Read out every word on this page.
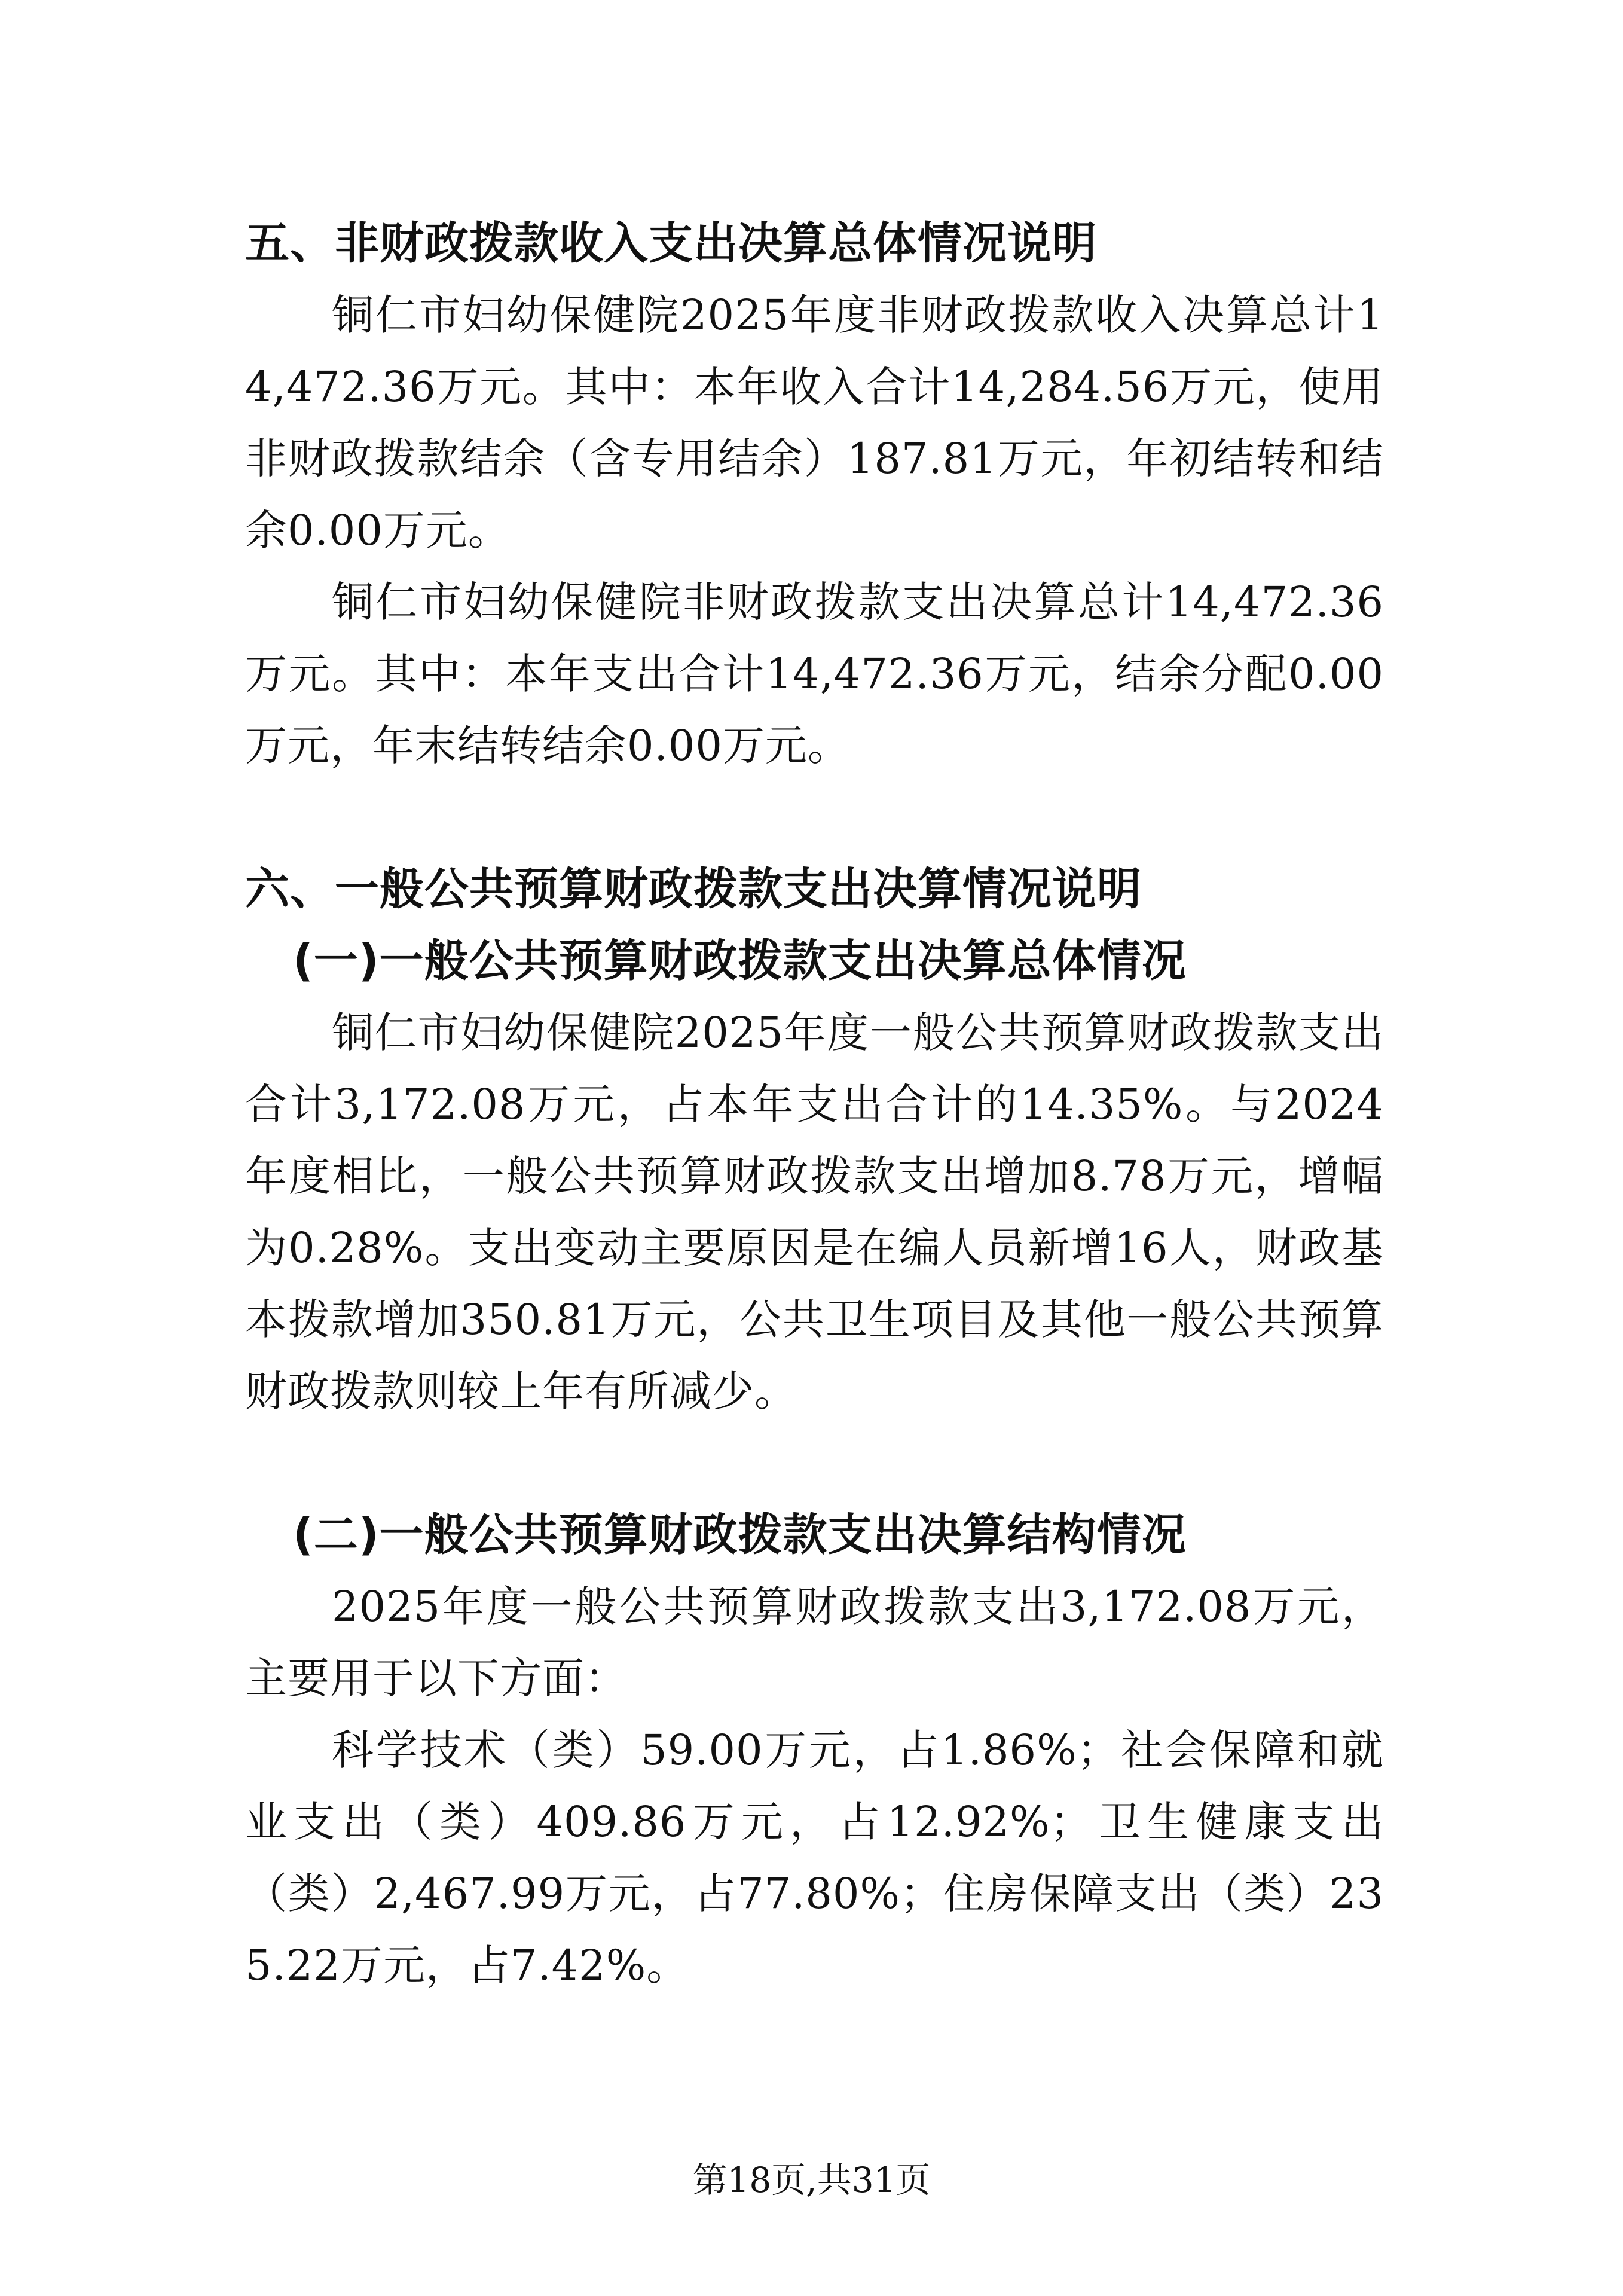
五、非财政拨款收入支出决算总体情况说明

铜仁市妇幼保健院2025年度非财政拨款收入决算总计14,472.36万元。其中：本年收入合计14,284.56万元，使用非财政拨款结余（含专用结余）187.81万元，年初结转和结余0.00万元。

铜仁市妇幼保健院非财政拨款支出决算总计14,472.36万元。其中：本年支出合计14,472.36万元，结余分配0.00万元，年末结转结余0.00万元。

六、一般公共预算财政拨款支出决算情况说明

(一)一般公共预算财政拨款支出决算总体情况

铜仁市妇幼保健院2025年度一般公共预算财政拨款支出合计3,172.08万元，占本年支出合计的14.35%。与2024年度相比，一般公共预算财政拨款支出增加8.78万元，增幅为0.28%。支出变动主要原因是在编人员新增16人，财政基本拨款增加350.81万元，公共卫生项目及其他一般公共预算财政拨款则较上年有所减少。

(二)一般公共预算财政拨款支出决算结构情况

2025年度一般公共预算财政拨款支出3,172.08万元，主要用于以下方面：

科学技术（类）59.00万元，占1.86%；社会保障和就业支出（类）409.86万元，占12.92%；卫生健康支出（类）2,467.99万元，占77.80%；住房保障支出（类）235.22万元，占7.42%。

第18页,共31页
